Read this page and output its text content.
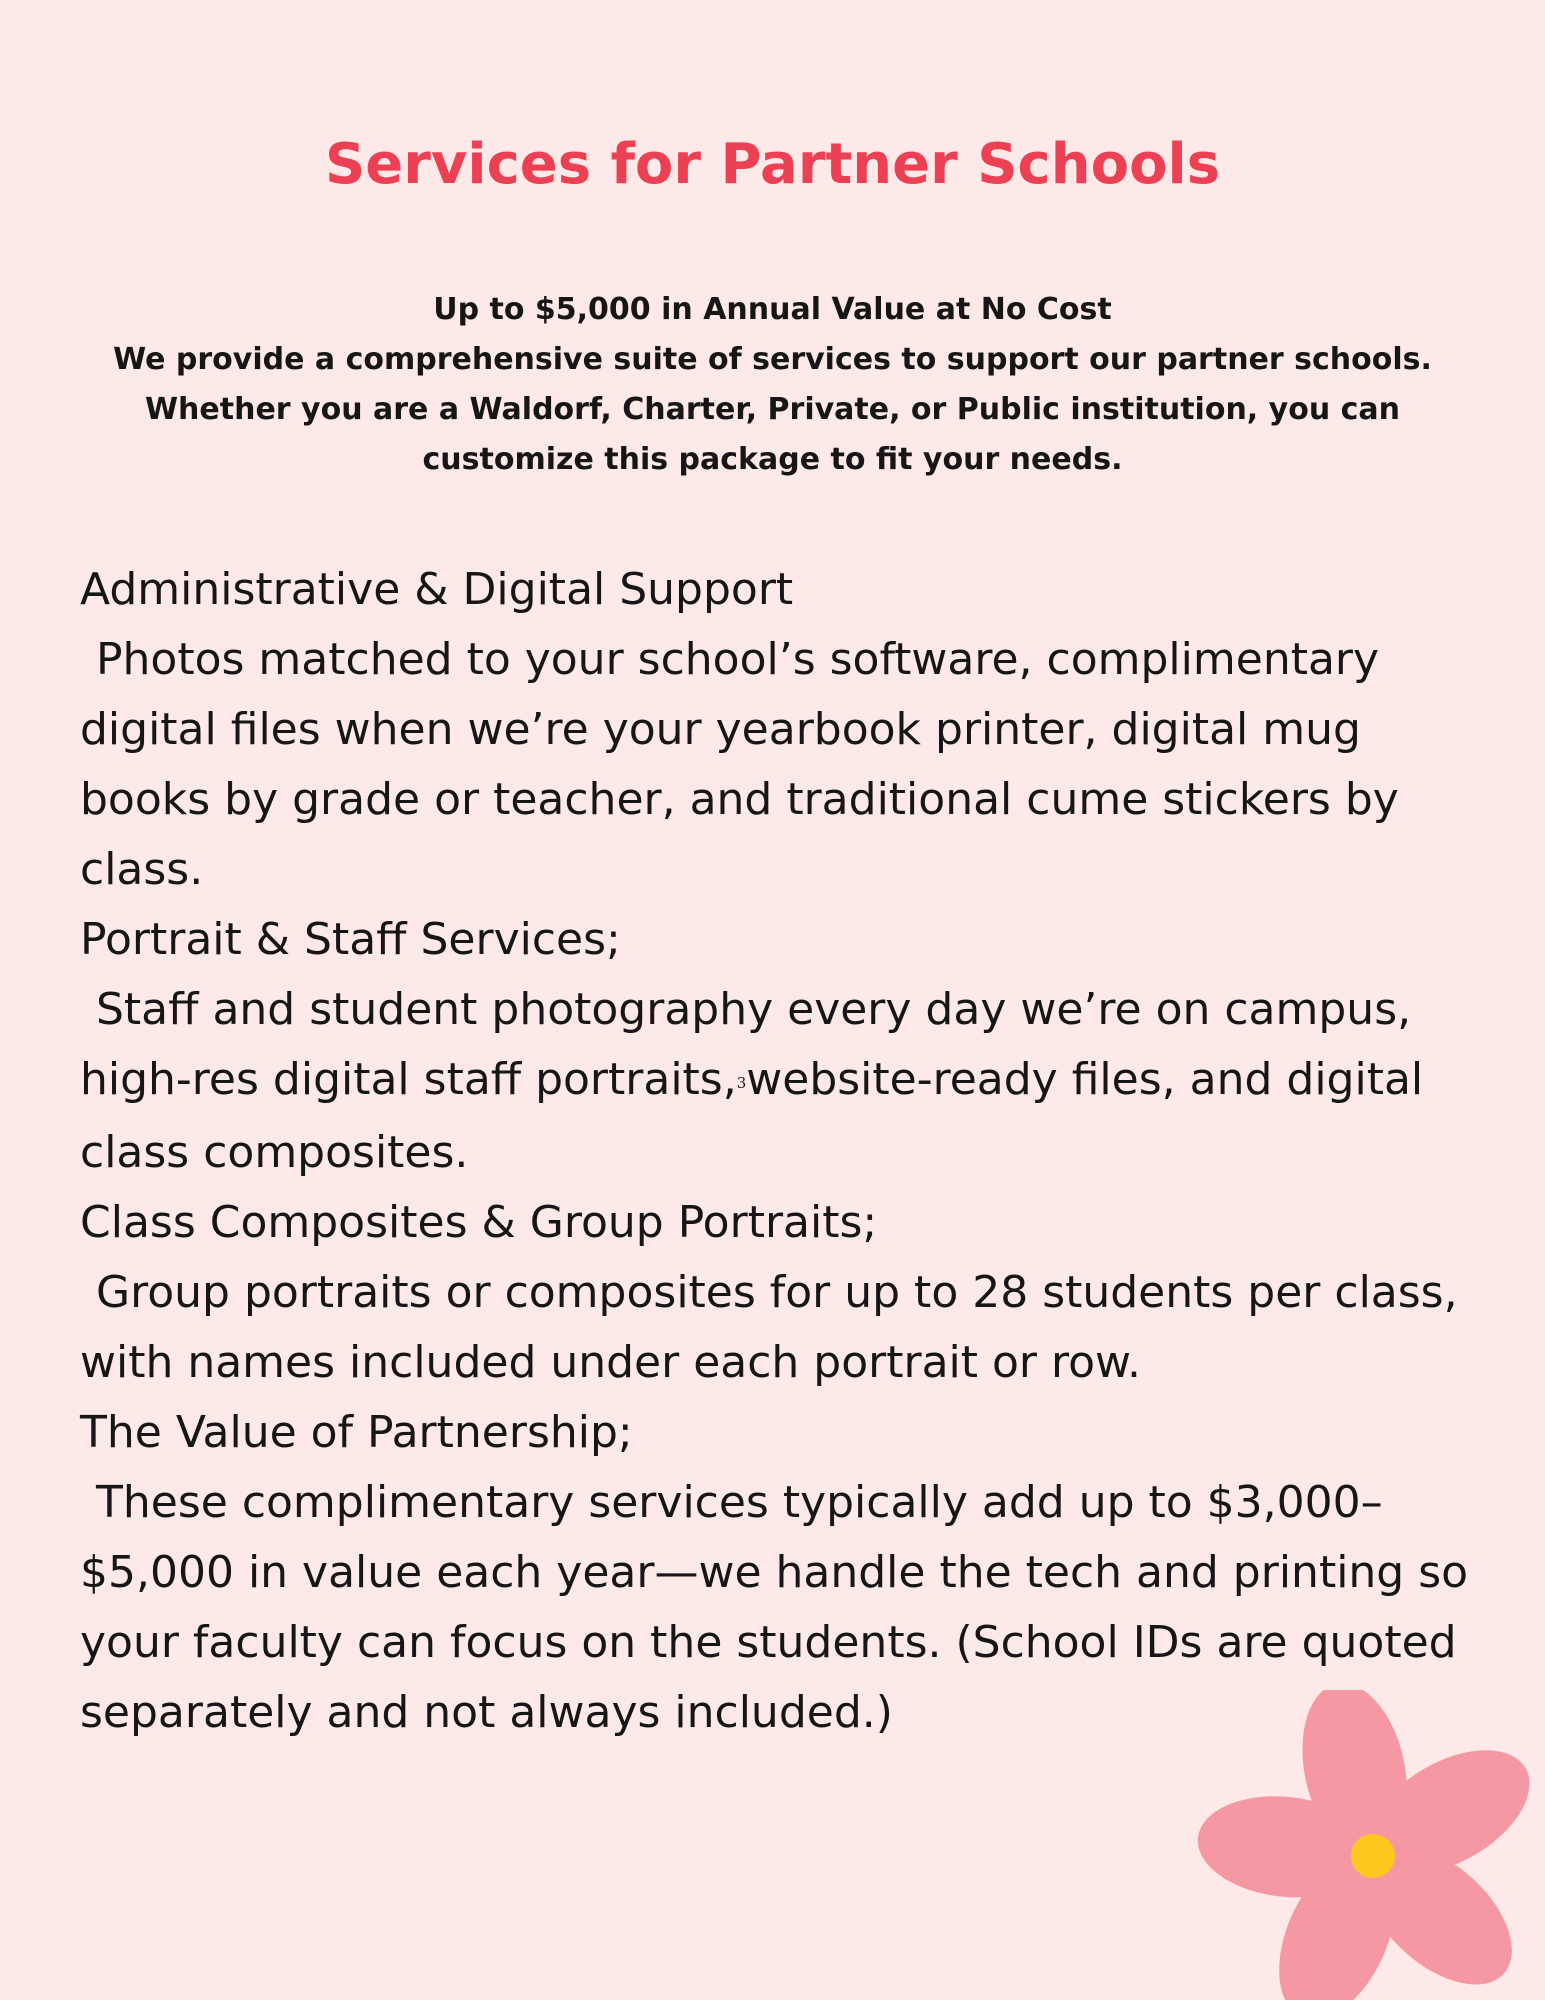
Services for Partner Schools

Up to $5,000 in Annual Value at No Cost

We provide a comprehensive suite of services to support our partner schools. Whether you are a Waldorf, Charter, Private, or Public institution, you can customize this package to fit your needs.

Administrative & Digital Support

Photos matched to your school’s software, complimentary digital files when we’re your yearbook printer, digital mug books by grade or teacher, and traditional cume stickers by class.

Portrait & Staff Services;

Staff and student photography every day we’re on campus, high-res digital staff portraits,$^3$website-ready files, and digital class composites.

Class Composites & Group Portraits;

Group portraits or composites for up to 28 students per class, with names included under each portrait or row.

The Value of Partnership;

These complimentary services typically add up to $3,000–$5,000 in value each year—we handle the tech and printing so your faculty can focus on the students. (School IDs are quoted separately and not always included.)
